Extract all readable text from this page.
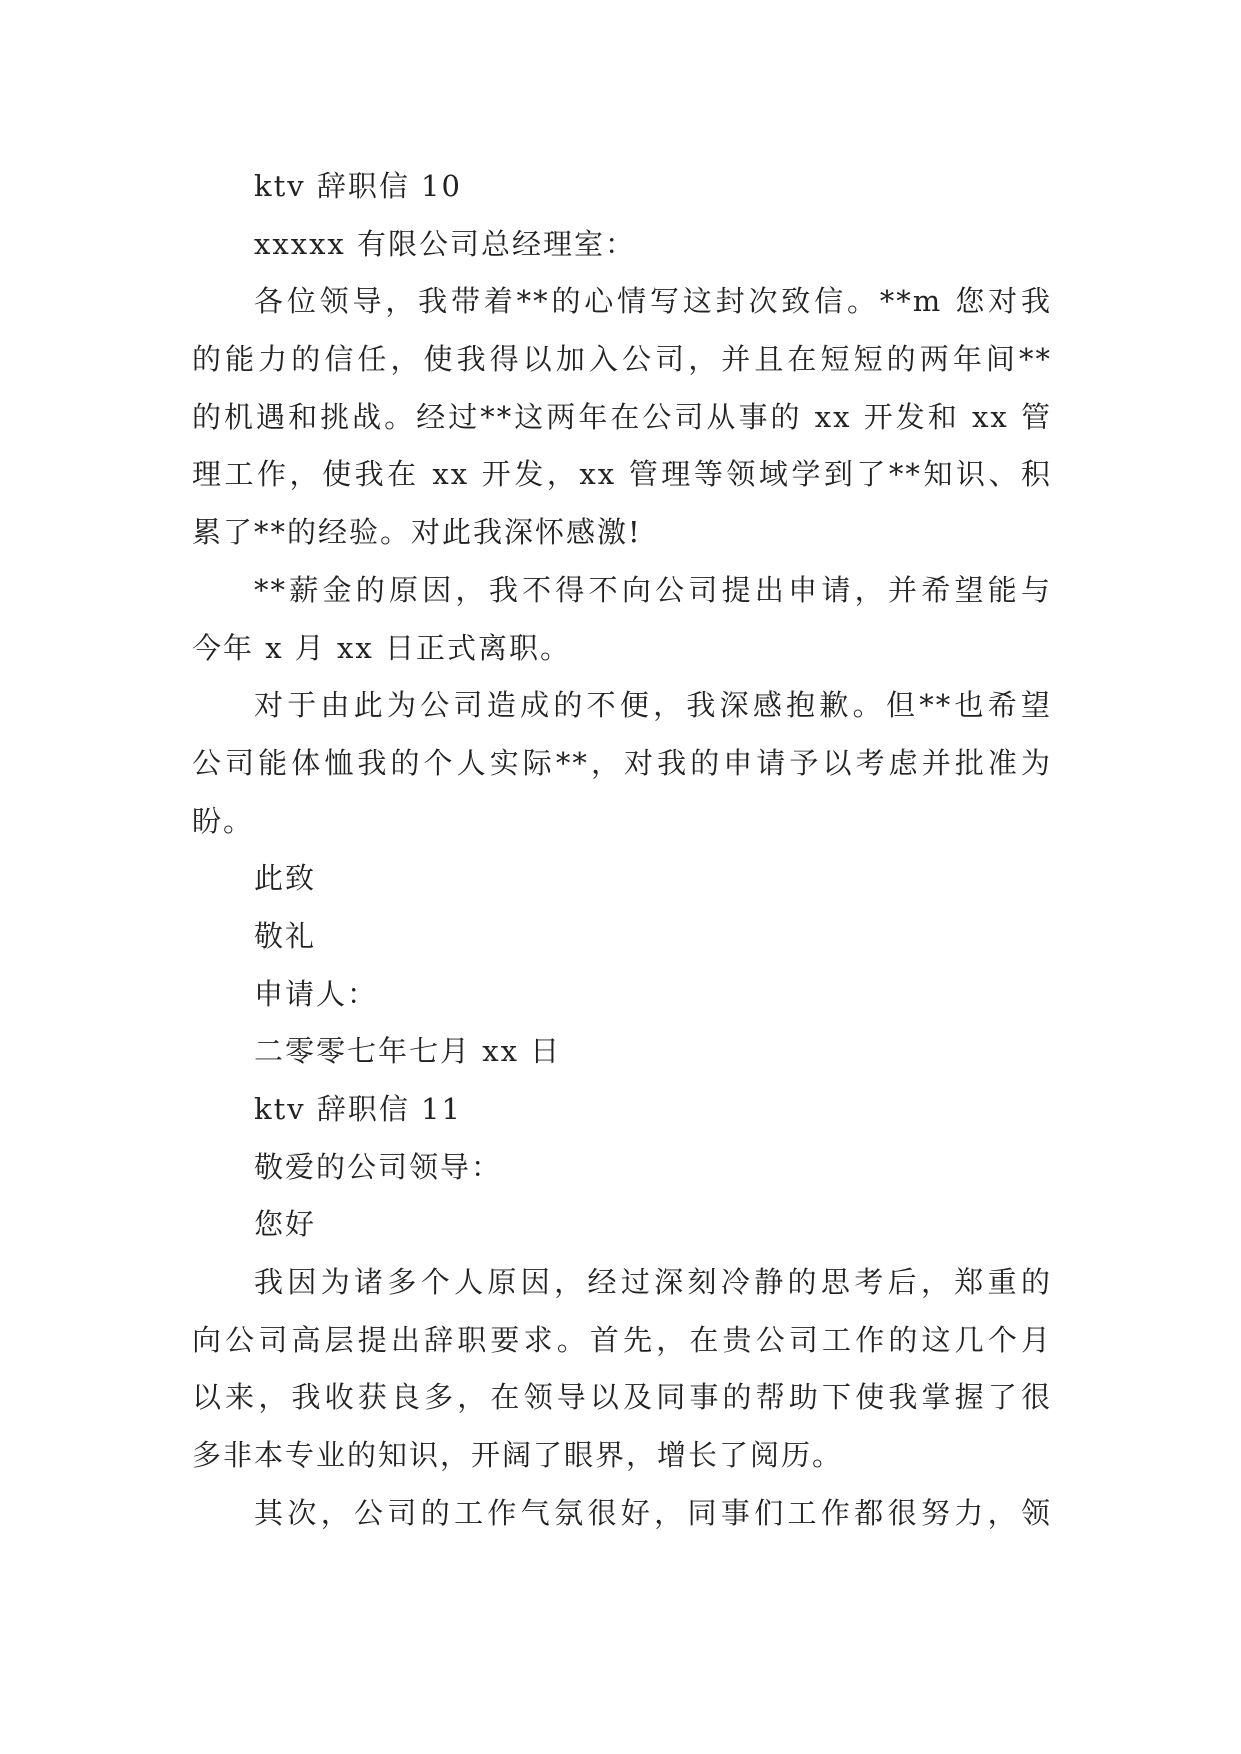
ktv 辞职信 10
xxxxx 有限公司总经理室：
各位领导，我带着**的心情写这封次致信。**m 您对我
的能力的信任，使我得以加入公司，并且在短短的两年间**
的机遇和挑战。经过**这两年在公司从事的 xx 开发和 xx 管
理工作，使我在 xx 开发，xx 管理等领域学到了**知识、积
累了**的经验。对此我深怀感激!
**薪金的原因，我不得不向公司提出申请，并希望能与
今年 x 月 xx 日正式离职。
对于由此为公司造成的不便，我深感抱歉。但**也希望
公司能体恤我的个人实际**，对我的申请予以考虑并批准为
盼。
此致
敬礼
申请人：
二零零七年七月 xx 日
ktv 辞职信 11
敬爱的公司领导：
您好
我因为诸多个人原因，经过深刻冷静的思考后，郑重的
向公司高层提出辞职要求。首先，在贵公司工作的这几个月
以来，我收获良多，在领导以及同事的帮助下使我掌握了很
多非本专业的知识，开阔了眼界，增长了阅历。
其次，公司的工作气氛很好，同事们工作都很努力，领
